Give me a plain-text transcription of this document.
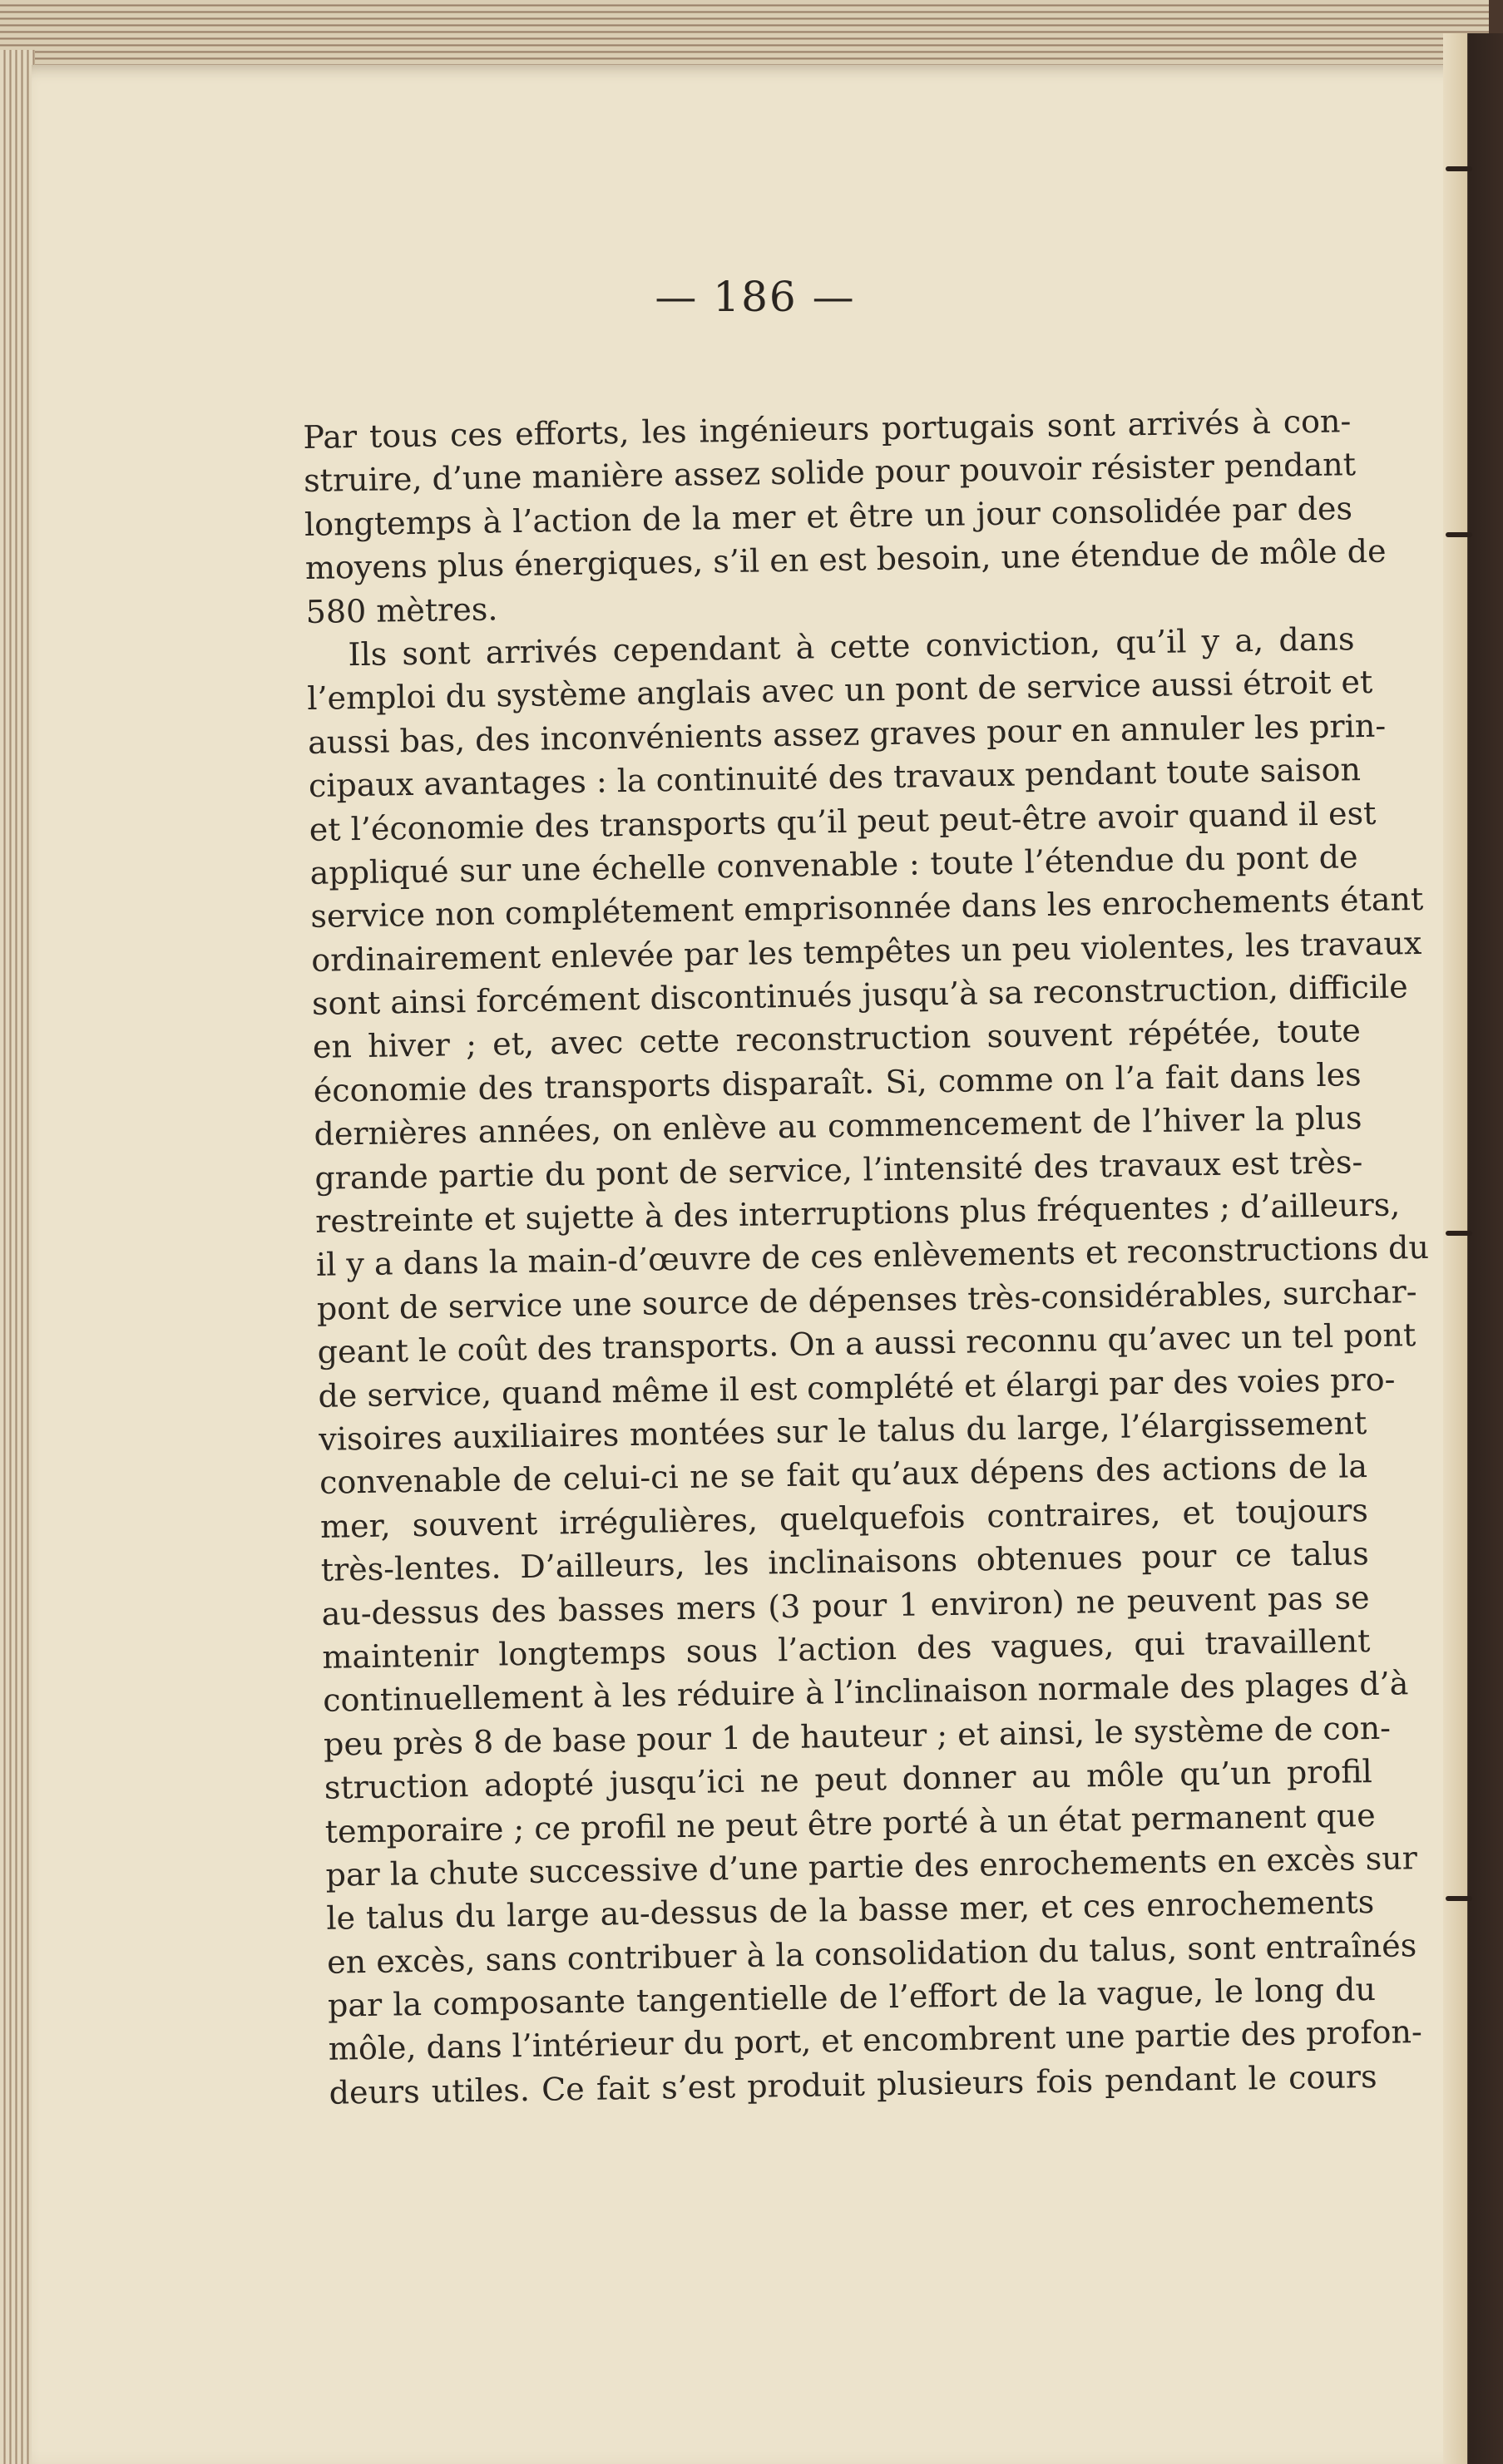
— 186 —
Par tous ces efforts, les ingénieurs portugais sont arrivés à con-
struire, d’une manière assez solide pour pouvoir résister pendant
longtemps à l’action de la mer et être un jour consolidée par des
moyens plus énergiques, s’il en est besoin, une étendue de môle de
580 mètres.
Ils sont arrivés cependant à cette conviction, qu’il y a, dans
l’emploi du système anglais avec un pont de service aussi étroit et
aussi bas, des inconvénients assez graves pour en annuler les prin-
cipaux avantages : la continuité des travaux pendant toute saison
et l’économie des transports qu’il peut peut-être avoir quand il est
appliqué sur une échelle convenable : toute l’étendue du pont de
service non complétement emprisonnée dans les enrochements étant
ordinairement enlevée par les tempêtes un peu violentes, les travaux
sont ainsi forcément discontinués jusqu’à sa reconstruction, difficile
en hiver ; et, avec cette reconstruction souvent répétée, toute
économie des transports disparaît. Si, comme on l’a fait dans les
dernières années, on enlève au commencement de l’hiver la plus
grande partie du pont de service, l’intensité des travaux est très-
restreinte et sujette à des interruptions plus fréquentes ; d’ailleurs,
il y a dans la main-d’œuvre de ces enlèvements et reconstructions du
pont de service une source de dépenses très-considérables, surchar-
geant le coût des transports. On a aussi reconnu qu’avec un tel pont
de service, quand même il est complété et élargi par des voies pro-
visoires auxiliaires montées sur le talus du large, l’élargissement
convenable de celui-ci ne se fait qu’aux dépens des actions de la
mer, souvent irrégulières, quelquefois contraires, et toujours
très-lentes. D’ailleurs, les inclinaisons obtenues pour ce talus
au-dessus des basses mers (3 pour 1 environ) ne peuvent pas se
maintenir longtemps sous l’action des vagues, qui travaillent
continuellement à les réduire à l’inclinaison normale des plages d’à
peu près 8 de base pour 1 de hauteur ; et ainsi, le système de con-
struction adopté jusqu’ici ne peut donner au môle qu’un profil
temporaire ; ce profil ne peut être porté à un état permanent que
par la chute successive d’une partie des enrochements en excès sur
le talus du large au-dessus de la basse mer, et ces enrochements
en excès, sans contribuer à la consolidation du talus, sont entraînés
par la composante tangentielle de l’effort de la vague, le long du
môle, dans l’intérieur du port, et encombrent une partie des profon-
deurs utiles. Ce fait s’est produit plusieurs fois pendant le cours
